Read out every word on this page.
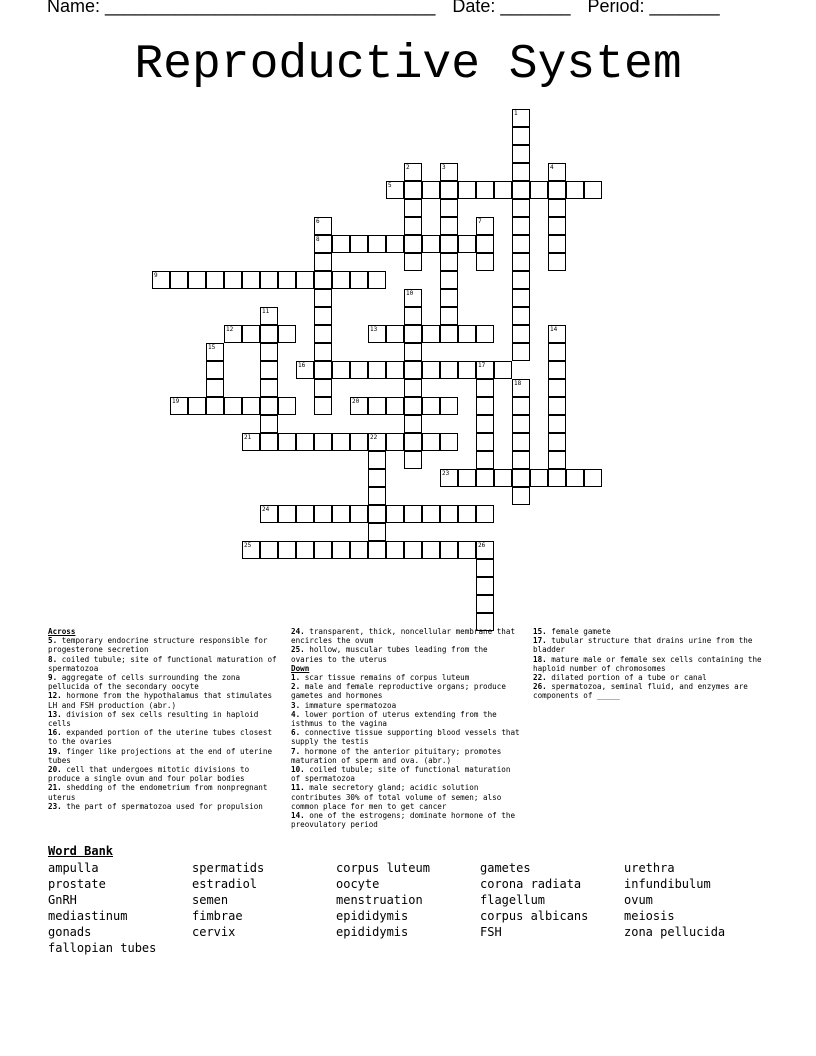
Name: _________________________________ Date: _______ Period: _______
Reproductive System
1
2	3	4
5
6
8
7
9
10
11
12	13	14
15
16	17
18
19	20
21	22
23
24
25	26
Across
5. temporary endocrine structure responsible for progesterone secretion
8. coiled tubule; site of functional maturation of spermatozoa
9. aggregate of cells surrounding the zona pellucida of the secondary oocyte
12. hormone from the hypothalamus that stimulates LH and FSH production (abr.)
13. division of sex cells resulting in haploid cells
16. expanded portion of the uterine tubes closest to the ovaries
19. finger like projections at the end of uterine tubes
20. cell that undergoes mitotic divisions to produce a single ovum and four polar bodies
21. shedding of the endometrium from nonpregnant uterus
23. the part of spermatozoa used for propulsion
24. transparent, thick, noncellular membrane that encircles the ovum
25. hollow, muscular tubes leading from the ovaries to the uterus
Down
1. scar tissue remains of corpus luteum
2. male and female reproductive organs; produce gametes and hormones
3. immature spermatozoa
4. lower portion of uterus extending from the isthmus to the vagina
6. connective tissue supporting blood vessels that supply the testis
7. hormone of the anterior pituitary; promotes maturation of sperm and ova. (abr.)
10. coiled tubule; site of functional maturation of spermatozoa
11. male secretory gland; acidic solution contributes 30% of total volume of semen; also common place for men to get cancer
14. one of the estrogens; dominate hormone of the preovulatory period
15. female gamete
17. tubular structure that drains urine from the bladder
18. mature male or female sex cells containing the haploid number of chromosomes
22. dilated portion of a tube or canal
26. spermatozoa, seminal fluid, and enzymes are components of _____
Word Bank
ampulla	spermatids	corpus luteum	gametes	urethra
prostate	estradiol	oocyte	corona radiata	infundibulum
GnRH	semen	menstruation	flagellum	ovum
mediastinum	fimbrae	epididymis	corpus albicans	meiosis
gonads	cervix	epididymis	FSH	zona pellucida
fallopian tubes
